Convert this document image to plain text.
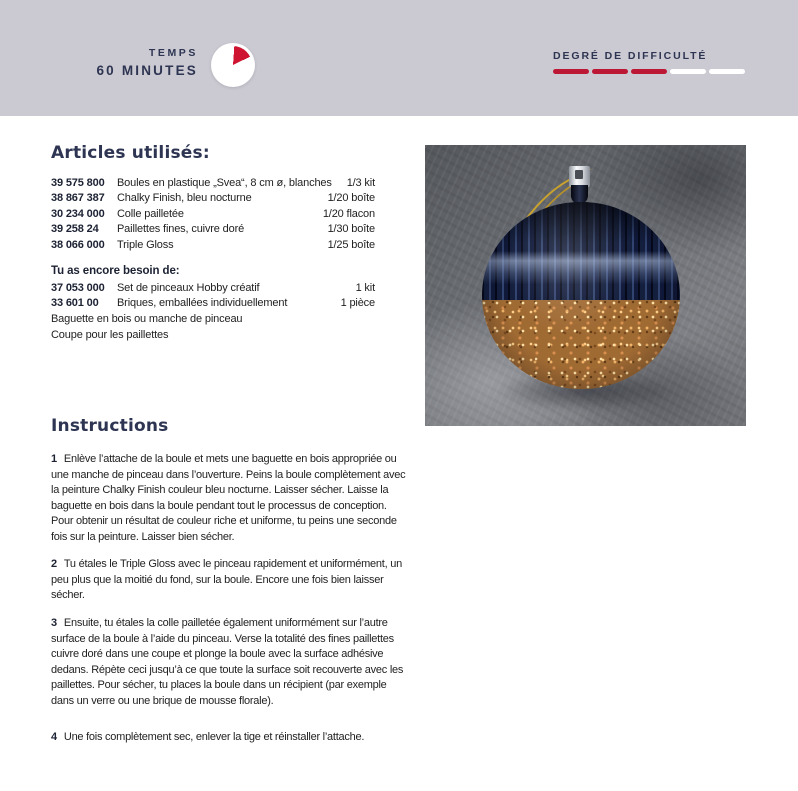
TEMPS
60 MINUTES
DEGRÉ DE DIFFICULTÉ
Articles utilisés:
39 575 800	Boules en plastique „Svea“, 8 cm ø, blanches	1/3 kit
38 867 387	Chalky Finish, bleu nocturne	1/20 boîte
30 234 000	Colle pailletée	1/20 flacon
39 258 24	Paillettes fines, cuivre doré	1/30 boîte
38 066 000	Triple Gloss	1/25 boîte
Tu as encore besoin de:
37 053 000	Set de pinceaux Hobby créatif	1 kit
33 601 00	Briques, emballées individuellement	1 pièce
Baguette en bois ou manche de pinceau
Coupe pour les paillettes
Instructions

1 Enlève l’attache de la boule et mets une baguette en bois appropriée ou une manche de pinceau dans l’ouverture. Peins la boule complètement avec la peinture Chalky Finish couleur bleu nocturne. Laisser sécher. Laisse la baguette en bois dans la boule pendant tout le processus de conception. Pour obtenir un résultat de couleur riche et uniforme, tu peins une seconde fois sur la peinture. Laisser bien sécher.

2 Tu étales le Triple Gloss avec le pinceau rapidement et uniformément, un peu plus que la moitié du fond, sur la boule. Encore une fois bien laisser sécher.

3 Ensuite, tu étales la colle pailletée également uniformément sur l’autre surface de la boule à l’aide du pinceau. Verse la totalité des fines paillettes cuivre doré dans une coupe et plonge la boule avec la surface adhésive dedans. Répète ceci jusqu’à ce que toute la surface soit recouverte avec les paillettes. Pour sécher, tu places la boule dans un récipient (par exemple dans un verre ou une brique de mousse florale).

4 Une fois complètement sec, enlever la tige et réinstaller l’attache.
